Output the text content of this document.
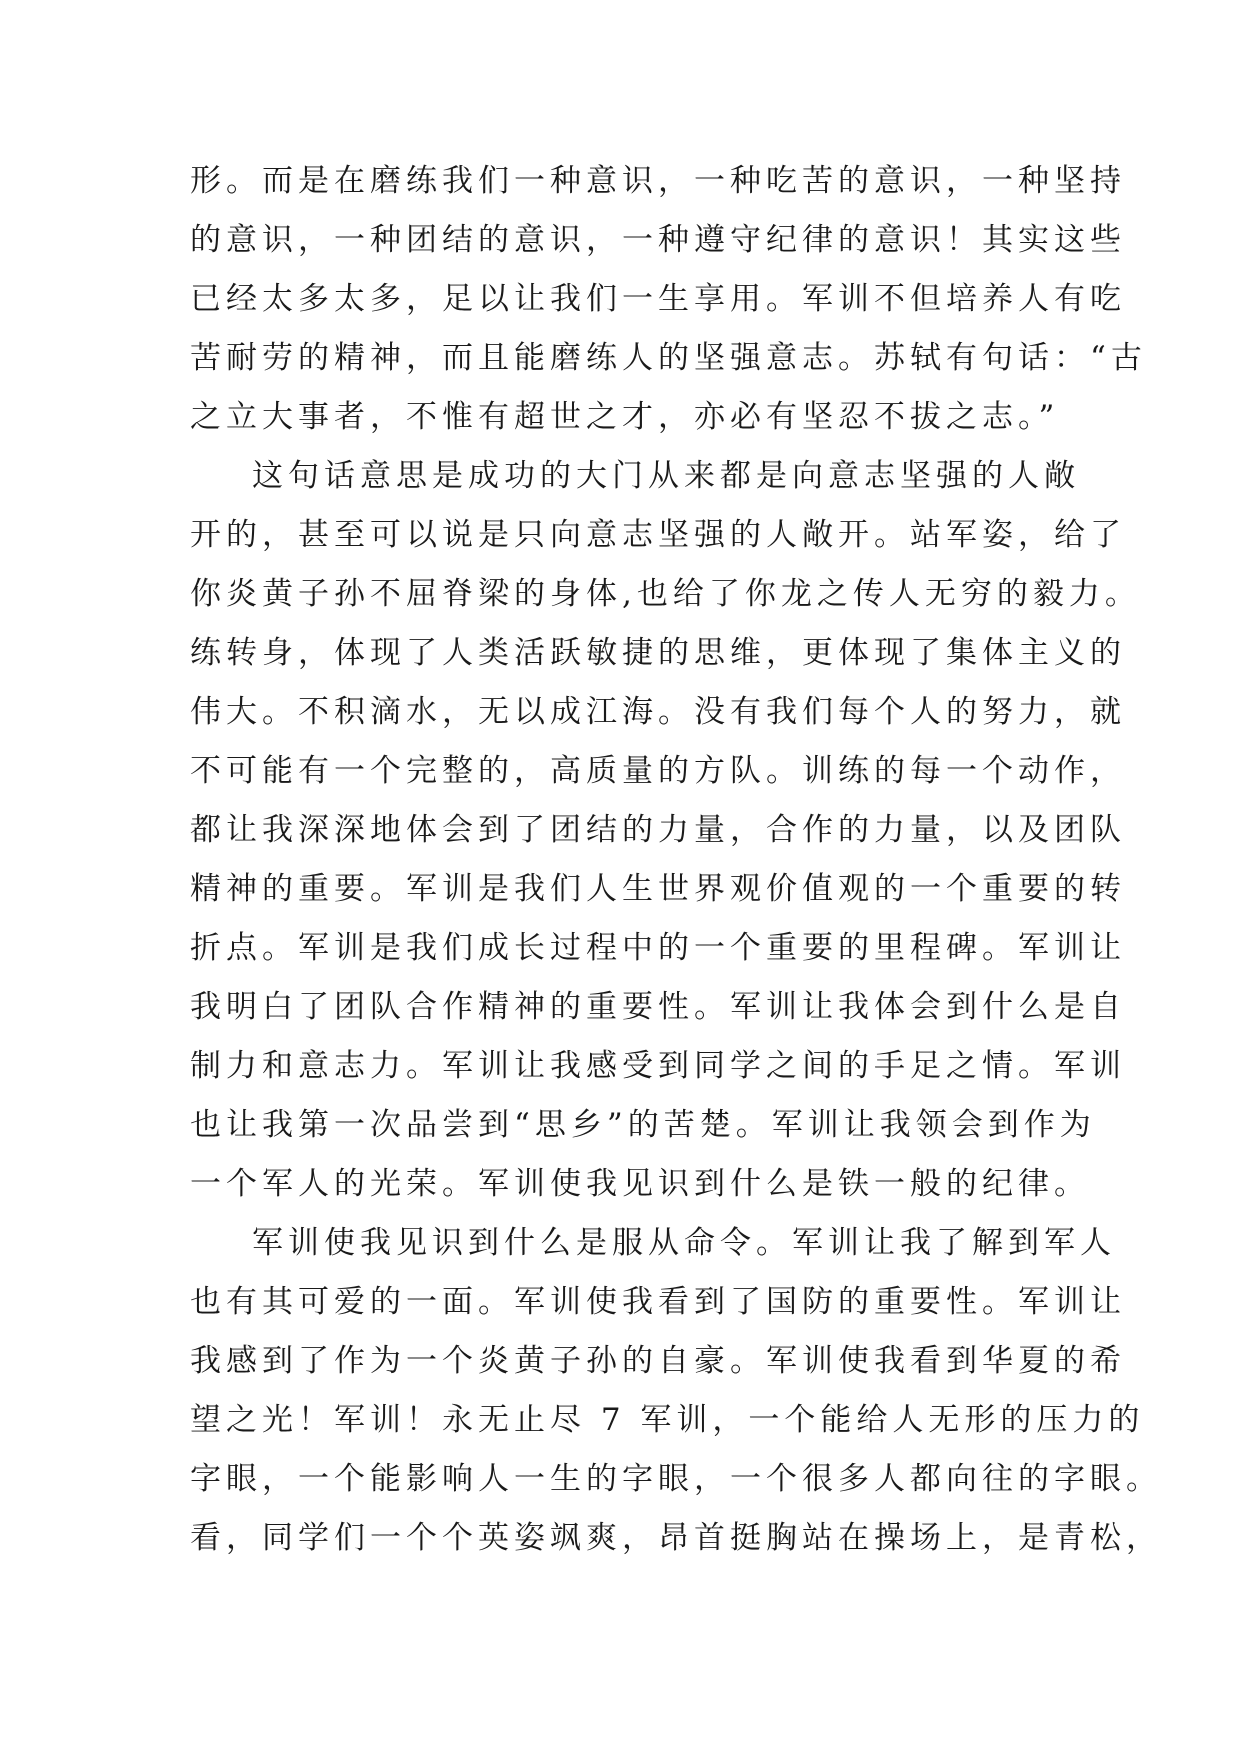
形。而是在磨练我们一种意识，一种吃苦的意识，一种坚持
的意识，一种团结的意识，一种遵守纪律的意识！其实这些
已经太多太多，足以让我们一生享用。军训不但培养人有吃
苦耐劳的精神，而且能磨练人的坚强意志。苏轼有句话：“古
之立大事者，不惟有超世之才，亦必有坚忍不拔之志。”
这句话意思是成功的大门从来都是向意志坚强的人敞
开的，甚至可以说是只向意志坚强的人敞开。站军姿，给了
你炎黄子孙不屈脊梁的身体,也给了你龙之传人无穷的毅力。
练转身，体现了人类活跃敏捷的思维，更体现了集体主义的
伟大。不积滴水，无以成江海。没有我们每个人的努力，就
不可能有一个完整的，高质量的方队。训练的每一个动作，
都让我深深地体会到了团结的力量，合作的力量，以及团队
精神的重要。军训是我们人生世界观价值观的一个重要的转
折点。军训是我们成长过程中的一个重要的里程碑。军训让
我明白了团队合作精神的重要性。军训让我体会到什么是自
制力和意志力。军训让我感受到同学之间的手足之情。军训
也让我第一次品尝到“思乡”的苦楚。军训让我领会到作为
一个军人的光荣。军训使我见识到什么是铁一般的纪律。
军训使我见识到什么是服从命令。军训让我了解到军人
也有其可爱的一面。军训使我看到了国防的重要性。军训让
我感到了作为一个炎黄子孙的自豪。军训使我看到华夏的希
望之光！军训！永无止尽 7 军训，一个能给人无形的压力的
字眼，一个能影响人一生的字眼，一个很多人都向往的字眼。
看，同学们一个个英姿飒爽，昂首挺胸站在操场上，是青松，
